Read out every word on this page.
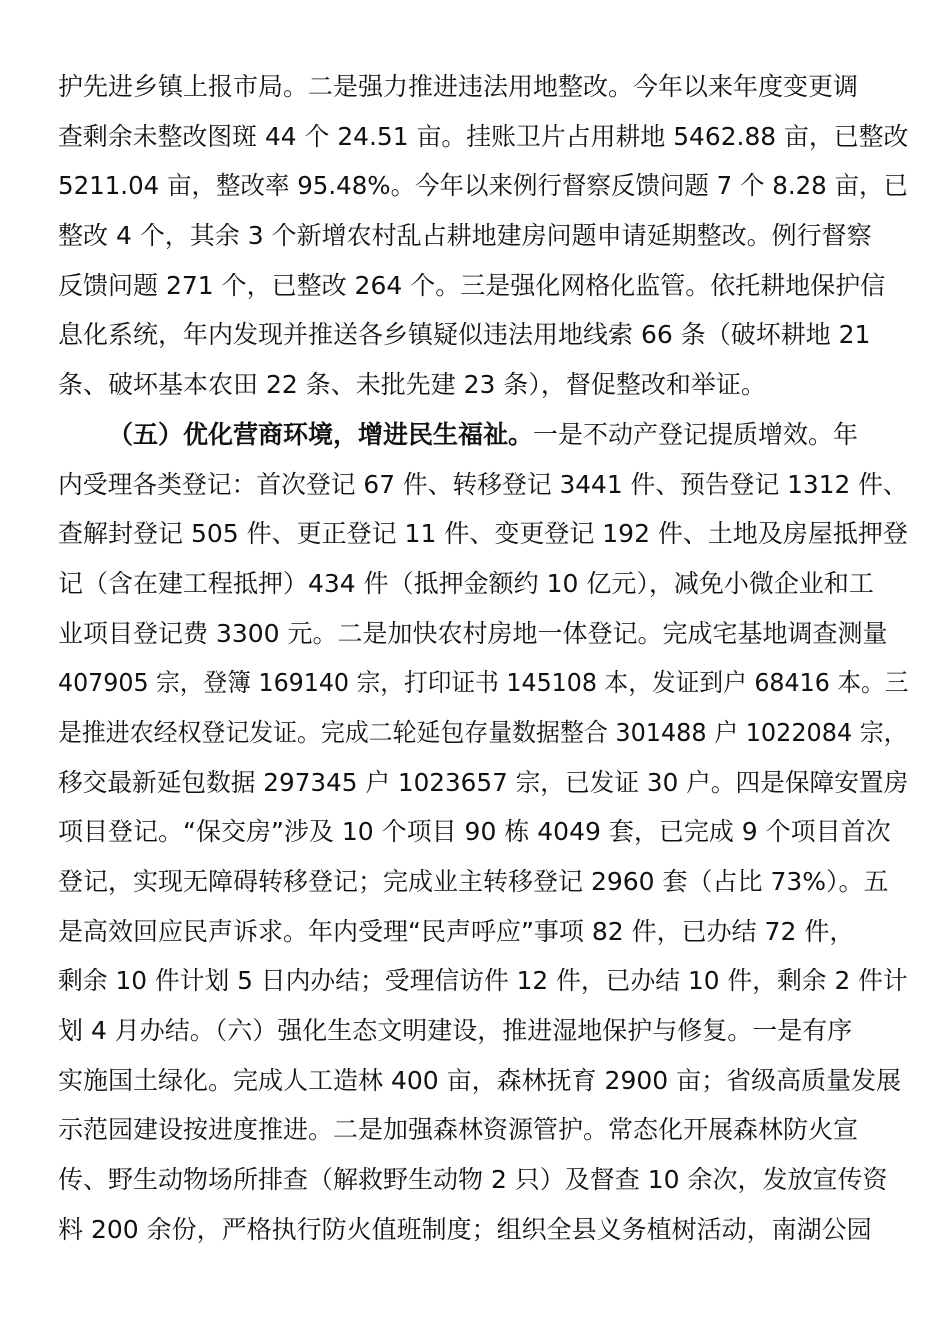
护先进乡镇上报市局。二是强力推进违法用地整改。今年以来年度变更调
查剩余未整改图斑 44 个 24.51 亩。挂账卫片占用耕地 5462.88 亩，已整改
5211.04 亩，整改率 95.48%。今年以来例行督察反馈问题 7 个 8.28 亩，已
整改 4 个，其余 3 个新增农村乱占耕地建房问题申请延期整改。例行督察
反馈问题 271 个，已整改 264 个。三是强化网格化监管。依托耕地保护信
息化系统，年内发现并推送各乡镇疑似违法用地线索 66 条（破坏耕地 21
条、破坏基本农田 22 条、未批先建 23 条），督促整改和举证。
（五）优化营商环境，增进民生福祉。一是不动产登记提质增效。年
内受理各类登记：首次登记 67 件、转移登记 3441 件、预告登记 1312 件、
查解封登记 505 件、更正登记 11 件、变更登记 192 件、土地及房屋抵押登
记（含在建工程抵押）434 件（抵押金额约 10 亿元），减免小微企业和工
业项目登记费 3300 元。二是加快农村房地一体登记。完成宅基地调查测量
407905 宗，登簿 169140 宗，打印证书 145108 本，发证到户 68416 本。三
是推进农经权登记发证。完成二轮延包存量数据整合 301488 户 1022084 宗，
移交最新延包数据 297345 户 1023657 宗，已发证 30 户。四是保障安置房
项目登记。“保交房”涉及 10 个项目 90 栋 4049 套，已完成 9 个项目首次
登记，实现无障碍转移登记；完成业主转移登记 2960 套（占比 73%）。五
是高效回应民声诉求。年内受理“民声呼应”事项 82 件，已办结 72 件，
剩余 10 件计划 5 日内办结；受理信访件 12 件，已办结 10 件，剩余 2 件计
划 4 月办结。（六）强化生态文明建设，推进湿地保护与修复。一是有序
实施国土绿化。完成人工造林 400 亩，森林抚育 2900 亩；省级高质量发展
示范园建设按进度推进。二是加强森林资源管护。常态化开展森林防火宣
传、野生动物场所排查（解救野生动物 2 只）及督查 10 余次，发放宣传资
料 200 余份，严格执行防火值班制度；组织全县义务植树活动，南湖公园
